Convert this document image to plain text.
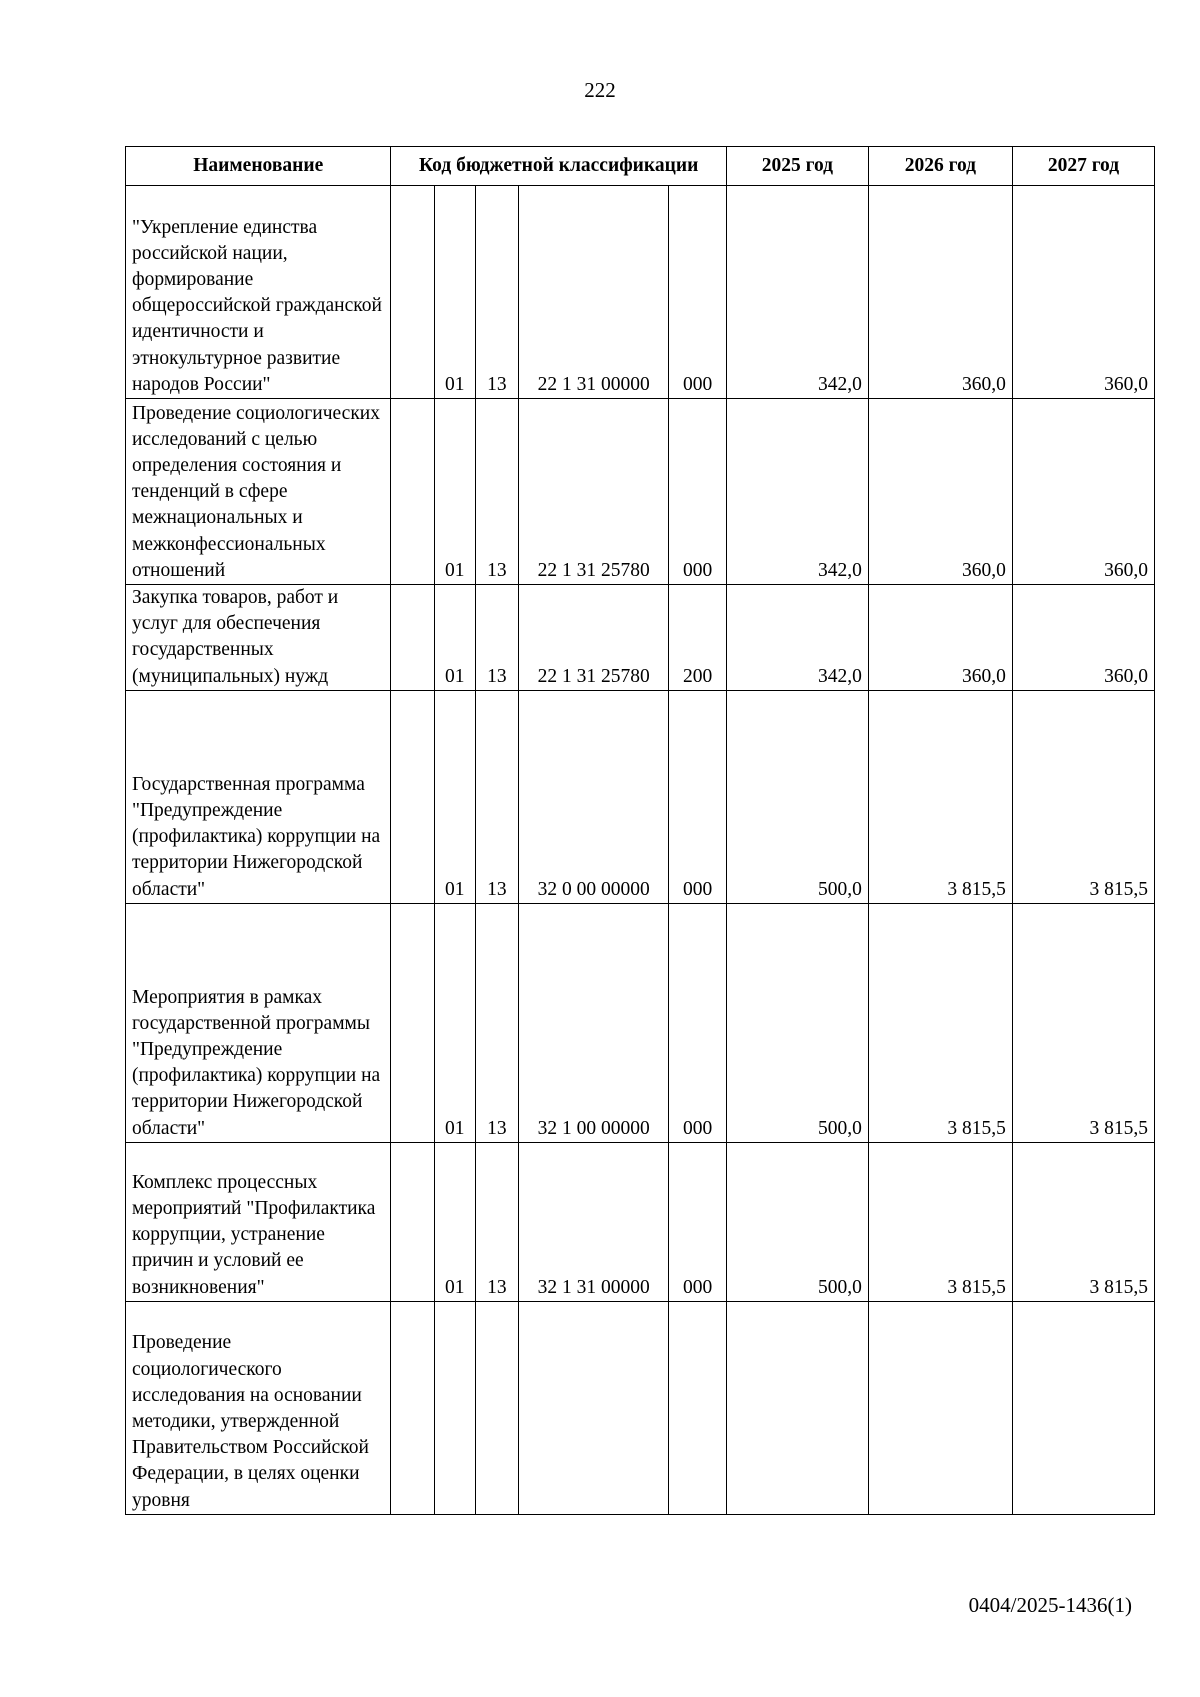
222
Наименование	Код бюджетной классификации					2025 год	2026 год	2027 год
"Укрепление единства российской нации, формирование общероссийской гражданской идентичности и этнокультурное развитие народов России"		01	13	22 1 31 00000	000	342,0	360,0	360,0
Проведение социологических исследований с целью определения состояния и тенденций в сфере межнациональных и межконфессиональных отношений		01	13	22 1 31 25780	000	342,0	360,0	360,0
Закупка товаров, работ и услуг для обеспечения государственных (муниципальных) нужд		01	13	22 1 31 25780	200	342,0	360,0	360,0
Государственная программа "Предупреждение (профилактика) коррупции на территории Нижегородской области"		01	13	32 0 00 00000	000	500,0	3 815,5	3 815,5
Мероприятия в рамках государственной программы "Предупреждение (профилактика) коррупции на территории Нижегородской области"		01	13	32 1 00 00000	000	500,0	3 815,5	3 815,5
Комплекс процессных мероприятий "Профилактика коррупции, устранение причин и условий ее возникновения"		01	13	32 1 31 00000	000	500,0	3 815,5	3 815,5
Проведение социологического исследования на основании методики, утвержденной Правительством Российской Федерации, в целях оценки уровня								
0404/2025-1436(1)
